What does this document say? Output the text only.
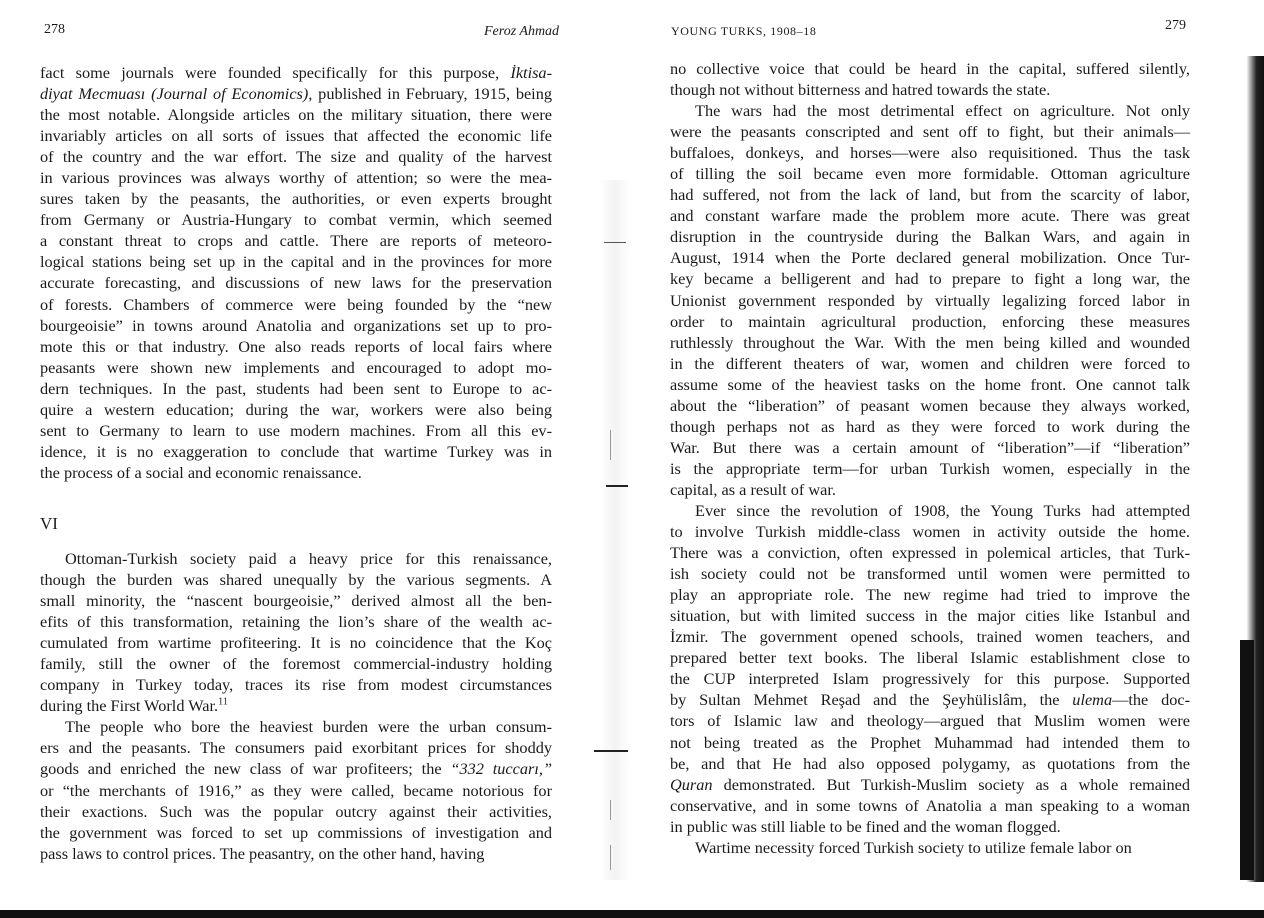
278	Feroz Ahmad
fact some journals were founded specifically for this purpose, İktisa-
diyat Mecmuası (Journal of Economics), published in February, 1915, being
the most notable. Alongside articles on the military situation, there were
invariably articles on all sorts of issues that affected the economic life
of the country and the war effort. The size and quality of the harvest
in various provinces was always worthy of attention; so were the mea-
sures taken by the peasants, the authorities, or even experts brought
from Germany or Austria-Hungary to combat vermin, which seemed
a constant threat to crops and cattle. There are reports of meteoro-
logical stations being set up in the capital and in the provinces for more
accurate forecasting, and discussions of new laws for the preservation
of forests. Chambers of commerce were being founded by the “new
bourgeoisie” in towns around Anatolia and organizations set up to pro-
mote this or that industry. One also reads reports of local fairs where
peasants were shown new implements and encouraged to adopt mo-
dern techniques. In the past, students had been sent to Europe to ac-
quire a western education; during the war, workers were also being
sent to Germany to learn to use modern machines. From all this ev-
idence, it is no exaggeration to conclude that wartime Turkey was in
the process of a social and economic renaissance.
VI
Ottoman-Turkish society paid a heavy price for this renaissance,
though the burden was shared unequally by the various segments. A
small minority, the “nascent bourgeoisie,” derived almost all the ben-
efits of this transformation, retaining the lion’s share of the wealth ac-
cumulated from wartime profiteering. It is no coincidence that the Koç
family, still the owner of the foremost commercial-industry holding
company in Turkey today, traces its rise from modest circumstances
during the First World War.$^{11}$
The people who bore the heaviest burden were the urban consum-
ers and the peasants. The consumers paid exorbitant prices for shoddy
goods and enriched the new class of war profiteers; the “332 tuccarı,”
or “the merchants of 1916,” as they were called, became notorious for
their exactions. Such was the popular outcry against their activities,
the government was forced to set up commissions of investigation and
pass laws to control prices. The peasantry, on the other hand, having
279
YOUNG TURKS, 1908–18
no collective voice that could be heard in the capital, suffered silently,
though not without bitterness and hatred towards the state.
The wars had the most detrimental effect on agriculture. Not only
were the peasants conscripted and sent off to fight, but their animals—
buffaloes, donkeys, and horses—were also requisitioned. Thus the task
of tilling the soil became even more formidable. Ottoman agriculture
had suffered, not from the lack of land, but from the scarcity of labor,
and constant warfare made the problem more acute. There was great
disruption in the countryside during the Balkan Wars, and again in
August, 1914 when the Porte declared general mobilization. Once Tur-
key became a belligerent and had to prepare to fight a long war, the
Unionist government responded by virtually legalizing forced labor in
order to maintain agricultural production, enforcing these measures
ruthlessly throughout the War. With the men being killed and wounded
in the different theaters of war, women and children were forced to
assume some of the heaviest tasks on the home front. One cannot talk
about the “liberation” of peasant women because they always worked,
though perhaps not as hard as they were forced to work during the
War. But there was a certain amount of “liberation”—if “liberation”
is the appropriate term—for urban Turkish women, especially in the
capital, as a result of war.
Ever since the revolution of 1908, the Young Turks had attempted
to involve Turkish middle-class women in activity outside the home.
There was a conviction, often expressed in polemical articles, that Turk-
ish society could not be transformed until women were permitted to
play an appropriate role. The new regime had tried to improve the
situation, but with limited success in the major cities like Istanbul and
İzmir. The government opened schools, trained women teachers, and
prepared better text books. The liberal Islamic establishment close to
the CUP interpreted Islam progressively for this purpose. Supported
by Sultan Mehmet Reşad and the Şeyhülislâm, the ulema—the doc-
tors of Islamic law and theology—argued that Muslim women were
not being treated as the Prophet Muhammad had intended them to
be, and that He had also opposed polygamy, as quotations from the
Quran demonstrated. But Turkish-Muslim society as a whole remained
conservative, and in some towns of Anatolia a man speaking to a woman
in public was still liable to be fined and the woman flogged.
Wartime necessity forced Turkish society to utilize female labor on
